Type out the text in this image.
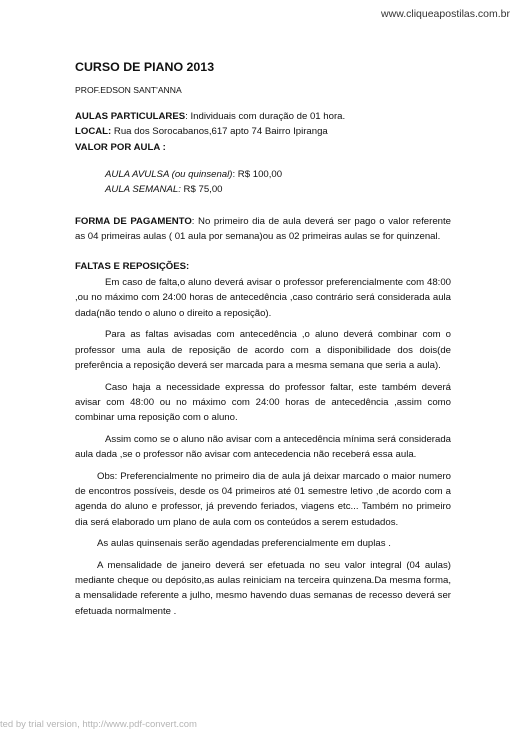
www.cliqueapostilas.com.br

CURSO DE PIANO 2013

PROF.EDSON SANT'ANNA

AULAS PARTICULARES: Individuais com duração de 01 hora.

LOCAL: Rua dos Sorocabanos,617 apto 74 Bairro Ipiranga

VALOR POR AULA :

AULA AVULSA (ou quinsenal): R$ 100,00

AULA SEMANAL: R$ 75,00

FORMA DE PAGAMENTO: No primeiro dia de aula deverá ser pago o valor referente as 04 primeiras aulas ( 01 aula por semana)ou as 02 primeiras aulas se for quinzenal.

FALTAS E REPOSIÇÕES:

Em caso de falta,o aluno deverá avisar o professor preferencialmente com 48:00 ,ou no máximo com 24:00 horas de antecedência ,caso contrário será considerada aula dada(não tendo o aluno o direito a reposição).

Para as faltas avisadas com antecedência ,o aluno deverá combinar com o professor uma aula de reposição de acordo com a disponibilidade dos dois(de preferência a reposição deverá ser marcada para a mesma semana que seria a aula).

Caso haja a necessidade expressa do professor faltar, este também deverá avisar com 48:00 ou no máximo com 24:00 horas de antecedência ,assim como combinar uma reposição com o aluno.

Assim como se o aluno não avisar com a antecedência mínima será considerada aula dada ,se o professor não avisar com antecedencia não receberá essa aula.

Obs: Preferencialmente no primeiro dia de aula já deixar marcado o maior numero de encontros possíveis, desde os 04 primeiros até 01 semestre letivo ,de acordo com a agenda do aluno e professor, já prevendo feriados, viagens etc... Também no primeiro dia será elaborado um plano de aula com os conteúdos a serem estudados.

As aulas quinsenais serão agendadas preferencialmente em duplas .

A mensalidade de janeiro deverá ser efetuada no seu valor integral (04 aulas) mediante cheque ou depósito,as aulas reiniciam na terceira quinzena.Da mesma forma, a mensalidade referente a julho, mesmo havendo duas semanas de recesso deverá ser efetuada normalmente .

ted by trial version, http://www.pdf-convert.com
